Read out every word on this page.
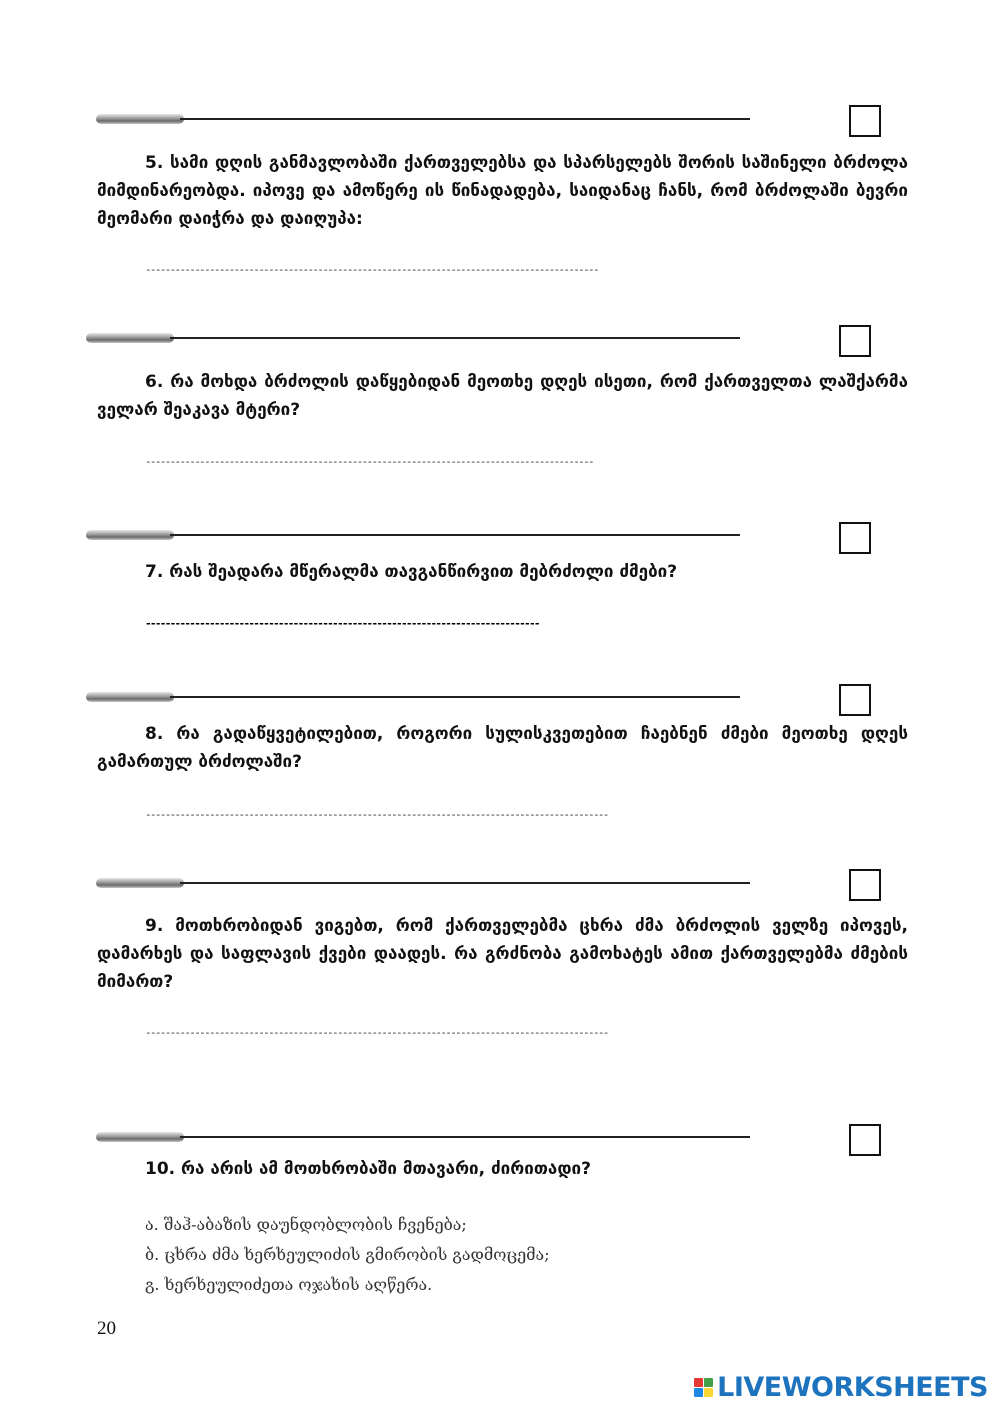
5. სამი დღის განმავლობაში ქართველებსა და სპარსელებს შორის საშინელი ბრძოლა მიმდინარეობდა. იპოვე და ამოწერე ის წინადადება, საიდანაც ჩანს, რომ ბრძოლაში ბევრი მეომარი დაიჭრა და დაიღუპა:

--------------------------------------------------------------------------------------------

6. რა მოხდა ბრძოლის დაწყებიდან მეოთხე დღეს ისეთი, რომ ქართველთა ლაშქარმა ველარ შეაკავა მტერი?

-------------------------------------------------------------------------------------------

7. რას შეადარა მწერალმა თავგანწირვით მებრძოლი ძმები?

--------------------------------------------------------------------------------

8. რა გადაწყვეტილებით, როგორი სულისკვეთებით ჩაებნენ ძმები მეოთხე დღეს გამართულ ბრძოლაში?

----------------------------------------------------------------------------------------------

9. მოთხრობიდან ვიგებთ, რომ ქართველებმა ცხრა ძმა ბრძოლის ველზე იპოვეს, დამარხეს და საფლავის ქვები დაადეს. რა გრძნობა გამოხატეს ამით ქართველებმა ძმების მიმართ?

----------------------------------------------------------------------------------------------

10. რა არის ამ მოთხრობაში მთავარი, ძირითადი?

ა. შაჰ-აბაზის დაუნდობლობის ჩვენება;
ბ. ცხრა ძმა ხერხეულიძის გმირობის გადმოცემა;
გ. ხერხეულიძეთა ოჯახის აღწერა.
20
LIVEWORKSHEETS
